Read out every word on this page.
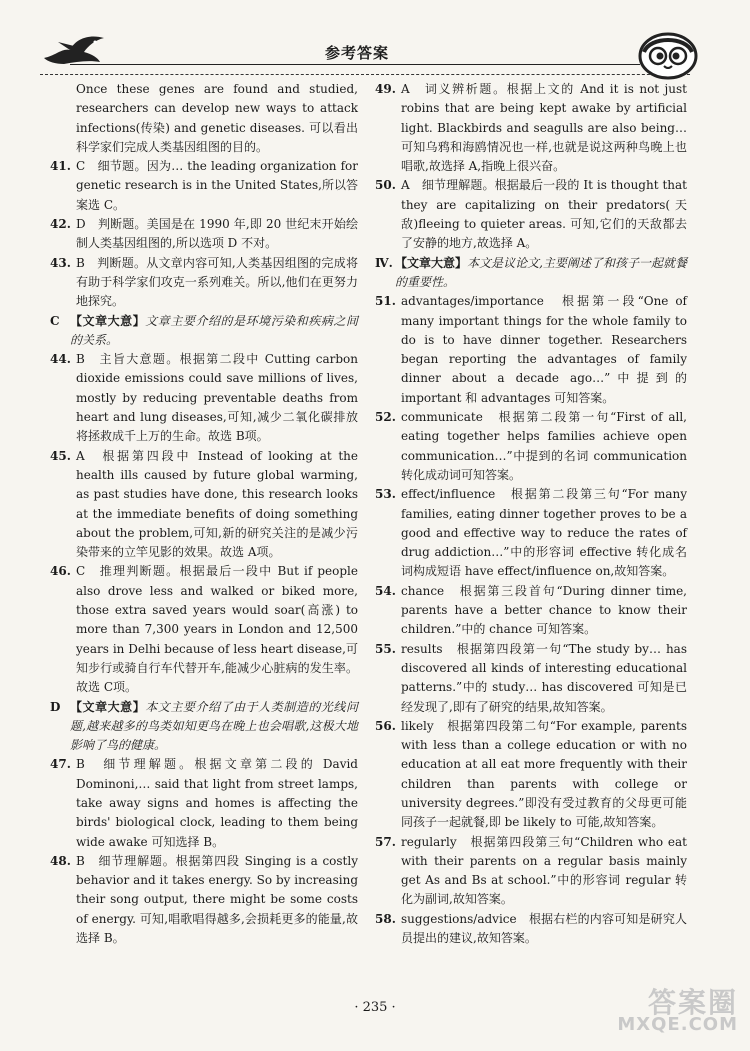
参考答案
Once these genes are found and studied, researchers can develop new ways to attack infections(传染) and genetic diseases. 可以看出科学家们完成人类基因组图的目的。
41. C　细节题。因为… the leading organization for genetic research is in the United States,所以答案选 C。
42. D　判断题。美国是在 1990 年,即 20 世纪末开始绘制人类基因组图的,所以选项 D 不对。
43. B　判断题。从文章内容可知,人类基因组图的完成将有助于科学家们攻克一系列难关。所以,他们在更努力地探究。
C 【文章大意】文章主要介绍的是环境污染和疾病之间的关系。
44. B　主旨大意题。根据第二段中 Cutting carbon dioxide emissions could save millions of lives, mostly by reducing preventable deaths from heart and lung diseases,可知,减少二氧化碳排放将拯救成千上万的生命。故选 B项。
45. A　根据第四段中 Instead of looking at the health ills caused by future global warming, as past studies have done, this research looks at the immediate benefits of doing something about the problem,可知,新的研究关注的是减少污染带来的立竿见影的效果。故选 A项。
46. C　推理判断题。根据最后一段中 But if people also drove less and walked or biked more, those extra saved years would soar(高涨) to more than 7,300 years in London and 12,500 years in Delhi because of less heart disease,可知步行或骑自行车代替开车,能减少心脏病的发生率。故选 C项。
D 【文章大意】本文主要介绍了由于人类制造的光线问题,越来越多的鸟类如知更鸟在晚上也会唱歌,这极大地影响了鸟的健康。
47. B　细节理解题。根据文章第二段的 David Dominoni,… said that light from street lamps, take away signs and homes is affecting the birds' biological clock, leading to them being wide awake 可知选择 B。
48. B　细节理解题。根据第四段 Singing is a costly behavior and it takes energy. So by increasing their song output, there might be some costs of energy. 可知,唱歌唱得越多,会损耗更多的能量,故选择 B。
49. A　词义辨析题。根据上文的 And it is not just robins that are being kept awake by artificial light. Blackbirds and seagulls are also being… 可知乌鸦和海鸥情况也一样,也就是说这两种鸟晚上也唱歌,故选择 A,指晚上很兴奋。
50. A　细节理解题。根据最后一段的 It is thought that they are capitalizing on their predators(天敌)fleeing to quieter areas. 可知,它们的天敌都去了安静的地方,故选择 A。
Ⅳ. 【文章大意】本文是议论文,主要阐述了和孩子一起就餐的重要性。
51. advantages/importance　根据第一段“One of many important things for the whole family to do is to have dinner together. Researchers began reporting the advantages of family dinner about a decade ago…”中提到的 important 和 advantages 可知答案。
52. communicate　根据第二段第一句“First of all, eating together helps families achieve open communication…”中提到的名词 communication 转化成动词可知答案。
53. effect/influence　根据第二段第三句“For many families, eating dinner together proves to be a good and effective way to reduce the rates of drug addiction…”中的形容词 effective 转化成名词构成短语 have effect/influence on,故知答案。
54. chance　根据第三段首句“During dinner time, parents have a better chance to know their children.”中的 chance 可知答案。
55. results　根据第四段第一句“The study by… has discovered all kinds of interesting educational patterns.”中的 study… has discovered 可知是已经发现了,即有了研究的结果,故知答案。
56. likely　根据第四段第二句“For example, parents with less than a college education or with no education at all eat more frequently with their children than parents with college or university degrees.”即没有受过教育的父母更可能同孩子一起就餐,即 be likely to 可能,故知答案。
57. regularly　根据第四段第三句“Children who eat with their parents on a regular basis mainly get As and Bs at school.”中的形容词 regular 转化为副词,故知答案。
58. suggestions/advice　根据右栏的内容可知是研究人员提出的建议,故知答案。
· 235 ·	答案圈
MXQE.COM
